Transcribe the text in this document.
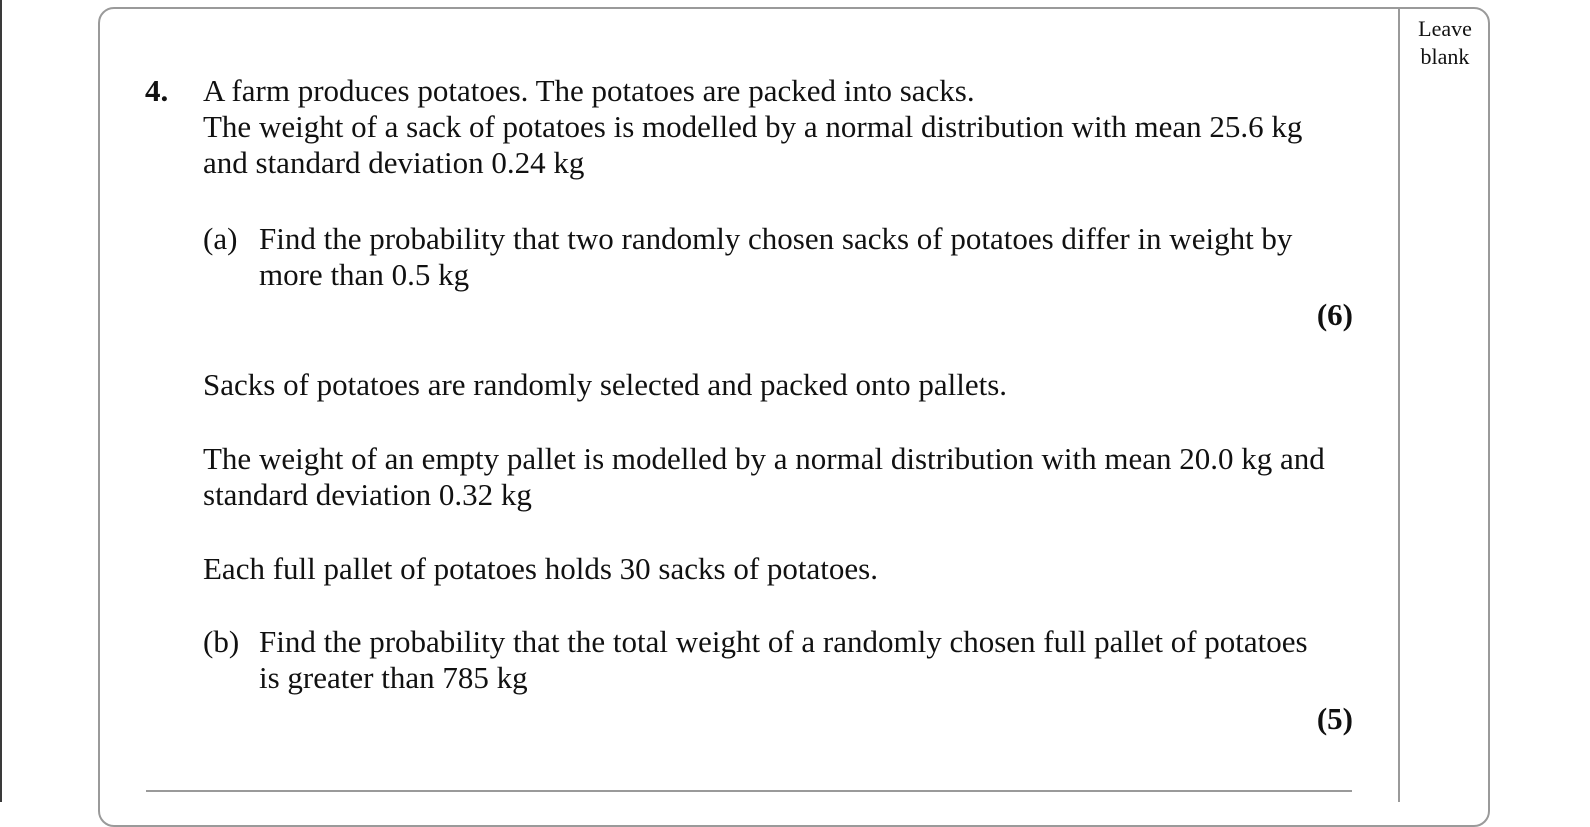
Leave
blank
4. A farm produces potatoes. The potatoes are packed into sacks.
The weight of a sack of potatoes is modelled by a normal distribution with mean 25.6 kg
and standard deviation 0.24 kg
(a) Find the probability that two randomly chosen sacks of potatoes differ in weight by
more than 0.5 kg
(6)
Sacks of potatoes are randomly selected and packed onto pallets.
The weight of an empty pallet is modelled by a normal distribution with mean 20.0 kg and
standard deviation 0.32 kg
Each full pallet of potatoes holds 30 sacks of potatoes.
(b) Find the probability that the total weight of a randomly chosen full pallet of potatoes
is greater than 785 kg
(5)
